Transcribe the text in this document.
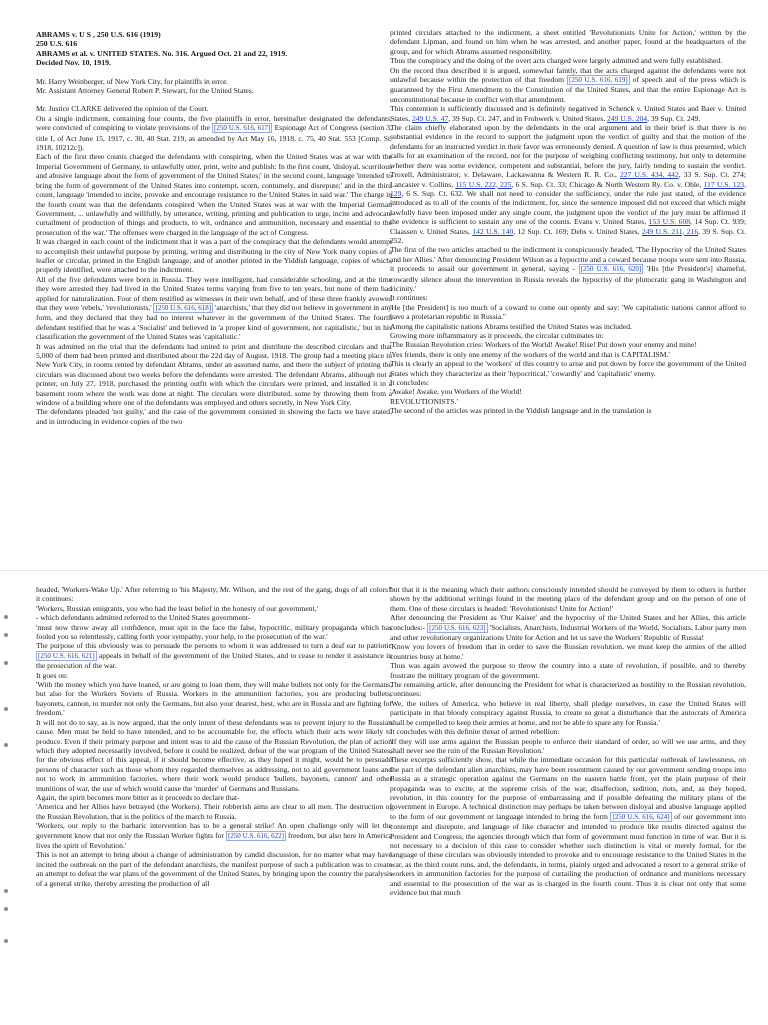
ABRAMS v. U S , 250 U.S. 616 (1919)

250 U.S. 616

ABRAMS et al. v. UNITED STATES. No. 316. Argued Oct. 21 and 22, 1919.

Decided Nov. 10, 1919.

Mr. Harry Weinberger, of New York City, for plaintiffs in error.

Mr. Assistant Attorney General Robert P. Stewart, for the United States.

Mr. Justice CLARKE delivered the opinion of the Court.

On a single indictment, containing four counts, the five plaintiffs in error, hereinafter designated the defendants, were convicted of conspiring to violate provisions of the [250 U.S. 616, 617] Espionage Act of Congress (section 3, title I, of Act June 15, 1917, c. 30, 40 Stat. 219, as amended by Act May 16, 1918, c. 75, 40 Stat. 553 [Comp. St. 1918, 10212c]).

Each of the first three counts charged the defendants with conspiring, when the United States was at war with the Imperial Government of Germany, to unlawfully utter, print, write and publish: In the first count, 'disloyal, scurrilous and abusive language about the form of government of the United States;' in the second count, language 'intended to bring the form of government of the United States into contempt, scorn, contumely, and disrepute;' and in the third count, language 'intended to incite, provoke and encourage resistance to the United States in said war.' The charge in the fourth count was that the defendants conspired 'when the United States was at war with the Imperial German Government, ... unlawfully and willfully, by utterance, writing, printing and publication to urge, incite and advocate curtailment of production of things and products, to wit, ordnance and ammunition, necessary and essential to the prosecution of the war.' The offenses were charged in the language of the act of Congress.

It was charged in each count of the indictment that it was a part of the conspiracy that the defendants would attempt to accomplish their unlawful purpose by printing, writing and distributing in the city of New York many copies of a leaflet or circular, printed in the English language, and of another printed in the Yiddish language, copies of which, properly identified, were attached to the indictment.

All of the five defendants were born in Russia. They were intelligent, had considerable schooling, and at the time they were arrested they had lived in the United States terms varying from five to ten years, but none of them had applied for naturalization. Four of them testified as witnesses in their own behalf, and of these three frankly avowed that they were 'rebels,' 'revolutionists,' [250 U.S. 616, 618] 'anarchists,' that they did not believe in government in any form, and they declared that they had no interest whatever in the government of the United States. The fourth defendant testified that he was a 'Socialist' and believed in 'a proper kind of government, not capitalistic,' but in his classification the government of the United States was 'capitalistic.'

It was admitted on the trial that the defendants had united to print and distribute the described circulars and that 5,000 of them had been printed and distributed about the 22d day of August, 1918. The group had a meeting place in New York City, in rooms rented by defendant Abrams, under an assumed name, and there the subject of printing the circulars was discussed about two weeks before the defendants were arrested. The defendant Abrams, although not a printer, on July 27, 1918, purchased the printing outfit with which the circulars were printed, and installed it in a basement room where the work was done at night. The circulars were distributed, some by throwing them from a window of a building where one of the defendants was employed and others secretly, in New York City.

The defendants pleaded 'not guilty,' and the case of the government consisted in showing the facts we have stated, and in introducing in evidence copies of the two

printed circulars attached to the indictment, a sheet entitled 'Revolutionists Unite for Action,' written by the defendant Lipman, and found on him when he was arrested, and another paper, found at the headquarters of the group, and for which Abrams assumed responsibility.

Thus the conspiracy and the doing of the overt acts charged were largely admitted and were fully established.

On the record thus described it is argued, somewhat faintly, that the acts charged against the defendants were not unlawful because within the protection of that freedom [250 U.S. 616, 619] of speech and of the press which is guaranteed by the First Amendment to the Constitution of the United States, and that the entire Espionage Act is unconstitutional because in conflict with that amendment.

This contention is sufficiently discussed and is definitely negatived in Schenck v. United States and Baer v. United States, 249 U.S. 47, 39 Sup. Ct. 247, and in Frohwerk v. United States, 249 U.S. 204, 39 Sup. Ct. 249.

The claim chiefly elaborated upon by the defendants in the oral argument and in their brief is that there is no substantial evidence in the record to support the judgment upon the verdict of guilty and that the motion of the defendants for an instructed verdict in their favor was erroneously denied. A question of law is thus presented, which calls for an examination of the record, not for the purpose of weighing conflicting testimony, but only to determine whether there was some evidence, competent and substantial, before the jury, fairly tending to sustain the verdict. Troxell, Administrator, v. Delaware, Lackawanna & Western R. R. Co., 227 U.S. 434, 442, 33 S. Sup. Ct. 274; Lancaster v. Collins, 115 U.S. 222, 225, 6 S. Sup. Ct. 33; Chicago & North Western Ry. Co. v. Ohle, 117 U.S. 123, 129, 6 S. Sup. Ct. 632. We shall not need to consider the sufficiency, under the rule just stated, of the evidence introduced as to all of the counts of the indictment, for, since the sentence imposed did not exceed that which might lawfully have been imposed under any single count, the judgment upon the verdict of the jury must be affirmed if the evidence is sufficient to sustain any one of the counts. Evans v. United States, 153 U.S. 608, 14 Sup. Ct. 939; Claassen v. United States, 142 U.S. 140, 12 Sup. Ct. 169; Debs v. United States, 249 U.S. 211, 216, 39 S. Sup. Ct. 252.

The first of the two articles attached to the indictment is conspicuously headed, 'The Hypocrisy of the United States and her Allies.' After denouncing President Wilson as a hypocrite and a coward because troops were sent into Russia, it proceeds to assail our government in general, saying - [250 U.S. 616, 620] 'His [the President's] shameful, cowardly silence about the intervention in Russia reveals the hypocrisy of the plutocratic gang in Washington and vicinity.'

It continues:

'He [the President] is too much of a coward to come out openly and say: 'We capitalistic nations cannot afford to have a proletarian republic in Russia.''

Among the capitalistic nations Abrams testified the United States was included.

Growing more inflammatory as it proceeds, the circular culminates in:

'The Russian Revolution cries: Workers of the World! Awake! Rise! Put down your enemy and mine!

'Yes friends, there is only one enemy of the workers of the world and that is CAPITALISM.'

This is clearly an appeal to the 'workers' of this country to arise and put down by force the government of the United States which they characterize as their 'hypocritical,' 'cowardly' and 'capitalistic' enemy.

It concludes:

'Awake! Awake, you Workers of the World!

REVOLUTIONISTS.'

The second of the articles was printed in the Yiddish language and in the translation is

headed, 'Workers-Wake Up.' After referring to 'his Majesty, Mr. Wilson, and the rest of the gang, dogs of all colors!' it continues:

'Workers, Russian emigrants, you who had the least belief in the honesty of our government,'

- which defendants admitted referred to the United States government-

'must now throw away all confidence, must spit in the face the false, hypocritic, military propaganda which has fooled you so relentlessly, calling forth your sympathy, your help, to the prosecution of the war.'

The purpose of this obviously was to persuade the persons to whom it was addressed to turn a deaf ear to patriotic [250 U.S. 616, 621] appeals in behalf of the government of the United States, and to cease to render it assistance in the prosecution of the war.

It goes on:

'With the money which you have loaned, or are going to loan them, they will make bullets not only for the Germans, but also for the Workers Soviets of Russia. Workers in the ammunition factories, you are producing bullets, bayonets, cannon, to murder not only the Germans, but also your dearest, best, who are in Russia and are fighting for freedom.'

It will not do to say, as is now argued, that the only intent of these defendants was to prevent injury to the Russian cause. Men must be held to have intended, and to be accountable for, the effects which their acts were likely to produce. Even if their primary purpose and intent was to aid the cause of the Russian Revolution, the plan of action which they adopted necessarily involved, before it could be realized, defeat of the war program of the United States, for the obvious effect of this appeal, if it should become effective, as they hoped it might, would be to persuade persons of character such as those whom they regarded themselves as addressing, not to aid government loans and not to work in ammunition factories, where their work would produce 'bullets, bayonets, cannon' and other munitions of war, the use of which would cause the 'murder' of Germans and Russians.

Again, the spirit becomes more bitter as it proceeds to declare that-

'America and her Allies have betrayed (the Workers). Their robberish aims are clear to all men. The destruction of the Russian Revolution, that is the politics of the march to Russia.

'Workers, our reply to the barbaric intervention has to be a general strike! An open challenge only will let the government know that not only the Russian Worker fights for [250 U.S. 616, 622] freedom, but also here in America lives the spirit of Revolution.'

This is not an attempt to bring about a change of administration by candid discussion, for no matter what may have incited the outbreak on the part of the defendant anarchists, the manifest purpose of such a publication was to create an attempt to defeat the war plans of the government of the United States, by bringing upon the country the paralysis of a general strike, thereby arresting the production of all

but that it is the meaning which their authors consciously intended should be conveyed by them to others is further shown by the additional writings found in the meeting place of the defendant group and on the person of one of them. One of these circulars is headed: 'Revolutionists! Unite for Action!'

After denouncing the President as 'Our Kaiser' and the hypocrisy of the United States and her Allies, this article concludes:- [250 U.S. 616, 623] 'Socialists, Anarchists, Industrial Workers of the World, Socialists, Labor party men and other revolutionary organizations Unite for Action and let us save the Workers' Republic of Russia!

'Know you lovers of freedom that in order to save the Russian revolution, we must keep the armies of the allied countries busy at home.'

Thus was again avowed the purpose to throw the country into a state of revolution, if possible, and to thereby frustrate the military program of the government.

The remaining article, after denouncing the President for what is characterized as hostility to the Russian revolution, continues:

'We, the toilers of America, who believe in real liberty, shall pledge ourselves, in case the United States will participate in that bloody conspiracy against Russia, to create so great a disturbance that the autocrats of America shall be compelled to keep their armies at home, and not be able to spare any for Russia.'

It concludes with this definite threat of armed rebellion:

'If they will use arms against the Russian people to enforce their standard of order, so will we use arms, and they shall never see the ruin of the Russian Revolution.'

These excerpts sufficiently show, that while the immediate occasion for this particular outbreak of lawlessness, on the part of the defendant alien anarchists, may have been resentment caused by our government sending troops into Russia as a strategic operation against the Germans on the eastern battle front, yet the plain purpose of their propaganda was to excite, at the supreme crisis of the war, disaffection, sedition, riots, and, as they hoped, revolution, in this country for the purpose of embarrassing and if possible defeating the military plans of the government in Europe. A technical distinction may perhaps be taken between disloyal and abusive language applied to the form of our government or language intended to bring the form [250 U.S. 616, 624] of our government into contempt and disrepute, and language of like character and intended to produce like results directed against the President and Congress, the agencies through which that form of government must function in time of war. But it is not necessary to a decision of this case to consider whether such distinction is vital or merely formal, for the language of these circulars was obviously intended to provoke and to encourage resistance to the United States in the war, as the third count runs, and, the defendants, in terms, plainly urged and advocated a resort to a general strike of workers in ammunition factories for the purpose of curtailing the production of ordnance and munitions necessary and essential to the prosecution of the war as is charged in the fourth count. Thus it is clear not only that some evidence but that much
